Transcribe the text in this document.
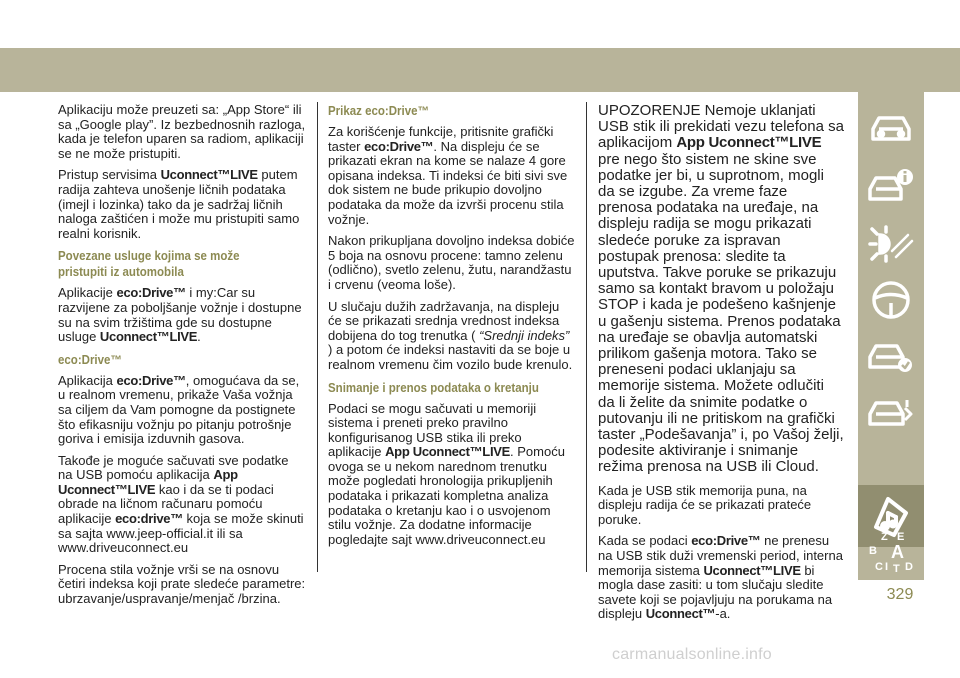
Aplikaciju može preuzeti sa: „App Store“ ili sa „Google play”. Iz bezbednosnih razloga, kada je telefon uparen sa radiom, aplikaciji se ne može pristupiti.

Pristup servisima Uconnect™LIVE putem radija zahteva unošenje ličnih podataka (imejl i lozinka) tako da je sadržaj ličnih naloga zaštićen i može mu pristupiti samo realni korisnik.

Povezane usluge kojima se može pristupiti iz automobila

Aplikacije eco:Drive™ i my:Car su razvijene za poboljšanje vožnje i dostupne su na svim tržištima gde su dostupne usluge Uconnect™LIVE.

eco:Drive™

Aplikacija eco:Drive™, omogućava da se, u realnom vremenu, prikaže Vaša vožnja sa ciljem da Vam pomogne da postignete što efikasniju vožnju po pitanju potrošnje goriva i emisija izduvnih gasova.

Takođe je moguće sačuvati sve podatke na USB pomoću aplikacija App Uconnect™LIVE kao i da se ti podaci obrade na ličnom računaru pomoću aplikacije eco:drive™ koja se može skinuti sa sajta www.jeep-official.it ili sa www.driveuconnect.eu

Procena stila vožnje vrši se na osnovu četiri indeksa koji prate sledeće parametre: ubrzavanje/uspravanje/menjač /brzina.

Prikaz eco:Drive™

Za korišćenje funkcije, pritisnite grafički taster eco:Drive™. Na displeju će se prikazati ekran na kome se nalaze 4 gore opisana indeksa. Ti indeksi će biti sivi sve dok sistem ne bude prikupio dovoljno podataka da može da izvrši procenu stila vožnje.

Nakon prikupljana dovoljno indeksa dobiće 5 boja na osnovu procene: tamno zelenu (odlično), svetlo zelenu, žutu, narandžastu i crvenu (veoma loše).

U slučaju dužih zadržavanja, na displeju će se prikazati srednja vrednost indeksa dobijena do tog trenutka ( “Srednji indeks” ) a potom će indeksi nastaviti da se boje u realnom vremenu čim vozilo bude krenulo.

Snimanje i prenos podataka o kretanju

Podaci se mogu sačuvati u memoriji sistema i preneti preko pravilno konfigurisanog USB stika ili preko aplikacije App Uconnect™LIVE. Pomoću ovoga se u nekom narednom trenutku može pogledati hronologija prikupljenih podataka i prikazati kompletna analiza podataka o kretanju kao i o usvojenom stilu vožnje. Za dodatne informacije pogledajte sajt www.driveuconnect.eu

UPOZORENJE Nemoje uklanjati USB stik ili prekidati vezu telefona sa aplikacijom App Uconnect™LIVE pre nego što sistem ne skine sve podatke jer bi, u suprotnom, mogli da se izgube. Za vreme faze prenosa podataka na uređaje, na displeju radija se mogu prikazati sledeće poruke za ispravan postupak prenosa: sledite ta uputstva. Takve poruke se prikazuju samo sa kontakt bravom u položaju STOP i kada je podešeno kašnjenje u gašenju sistema. Prenos podataka na uređaje se obavlja automatski prilikom gašenja motora. Tako se preneseni podaci uklanjaju sa memorije sistema. Možete odlučiti da li želite da snimite podatke o putovanju ili ne pritiskom na grafički taster „Podešavanja” i, po Vašoj želji, podesite aktiviranje i snimanje režima prenosa na USB ili Cloud.

Kada je USB stik memorija puna, na displeju radija će se prikazati prateće poruke.

Kada se podaci eco:Drive™ ne prenesu na USB stik duži vremenski period, interna memorija sistema Uconnect™LIVE bi mogla dase zasiti: u tom slučaju sledite savete koji se pojavljuju na porukama na displeju Uconnect™-a.

Z E
B A
C D
I T
329
carmanualsonline.info
